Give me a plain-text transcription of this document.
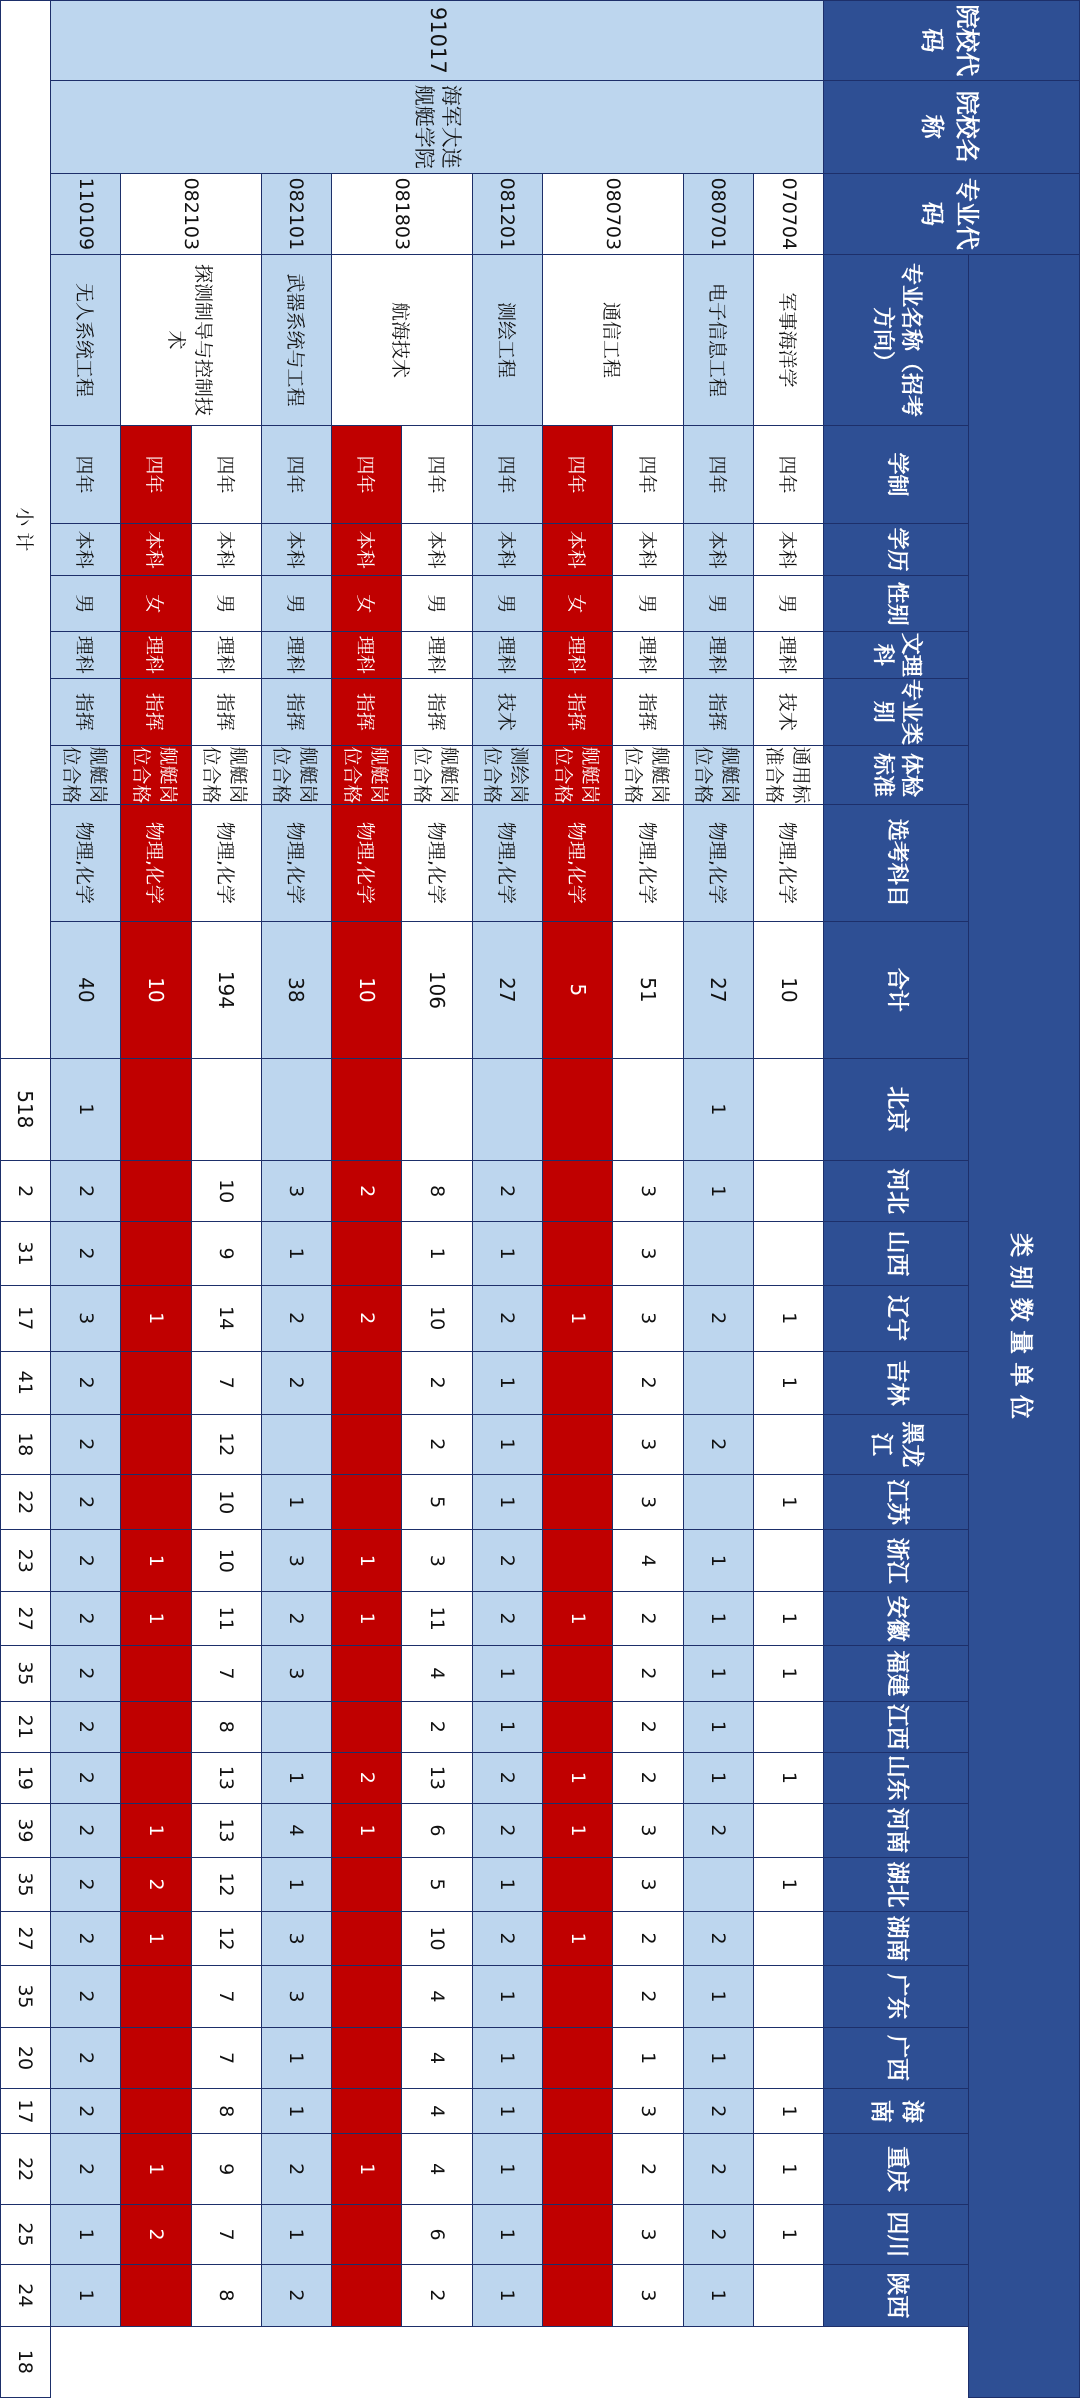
院校代码	院校名称	专业代码	类 别 数 量 单 位																														
			专业名称（招考方向）	学制	学历	性别	文理科	专业类别	体检标准	选考科目	合计	北京	河北	山西	辽宁	吉林	黑龙江	江苏	浙江	安徽	福建	江西	山东	河南	湖北	湖南	广东	广西	海南	重庆	四川	陕西	
91017	海军大连舰艇学院	070704	军事海洋学	四年	本科	男	理科	技术	通用标准合格	物理,化学	10				1	1		1		1	1		1		1				1	1	1		
		080701	电子信息工程	四年	本科	男	理科	指挥	舰艇岗位合格	物理,化学	27	1	1		2		2		1	1	1	1	1	2		2	1	1	2	2	2	1	
		080703	通信工程	四年	本科	男	理科	指挥	舰艇岗位合格	物理,化学	51		3	3	3	2	3	3	4	2	2	2	2	3	3	2	2	1	3	2	3	3	
				四年	本科	女	理科	指挥	舰艇岗位合格	物理,化学	5				1					1			1	1		1							
		081201	测绘工程	四年	本科	男	理科	技术	测绘岗位合格	物理,化学	27		2	1	2	1	1	1	2	2	1	1	2	2	1	2	1	1	1	1	1	1	
		081803	航海技术	四年	本科	男	理科	指挥	舰艇岗位合格	物理,化学	106		8	1	10	2	2	5	3	11	4	2	13	6	5	10	4	4	4	4	6	2	
				四年	本科	女	理科	指挥	舰艇岗位合格	物理,化学	10		2		2				1	1			2	1						1			
		082101	武器系统与工程	四年	本科	男	理科	指挥	舰艇岗位合格	物理,化学	38		3	1	2	2		1	3	2	3		1	4	1	3	3	1	1	2	1	2	
		082103	探测制导与控制技术	四年	本科	男	理科	指挥	舰艇岗位合格	物理,化学	194		10	9	14	7	12	10	10	11	7	8	13	13	12	12	7	7	8	9	7	8	
				四年	本科	女	理科	指挥	舰艇岗位合格	物理,化学	10				1				1	1				1	2	1				1	2		
		110109	无人系统工程	四年	本科	男	理科	指挥	舰艇岗位合格	物理,化学	40	1	2	2	3	2	2	2	2	2	2	2	2	2	2	2	2	2	2	2	1	1	
小 计												518	2	31	17	41	18	22	23	27	35	21	19	39	35	27	35	20	17	22	25	24	18
